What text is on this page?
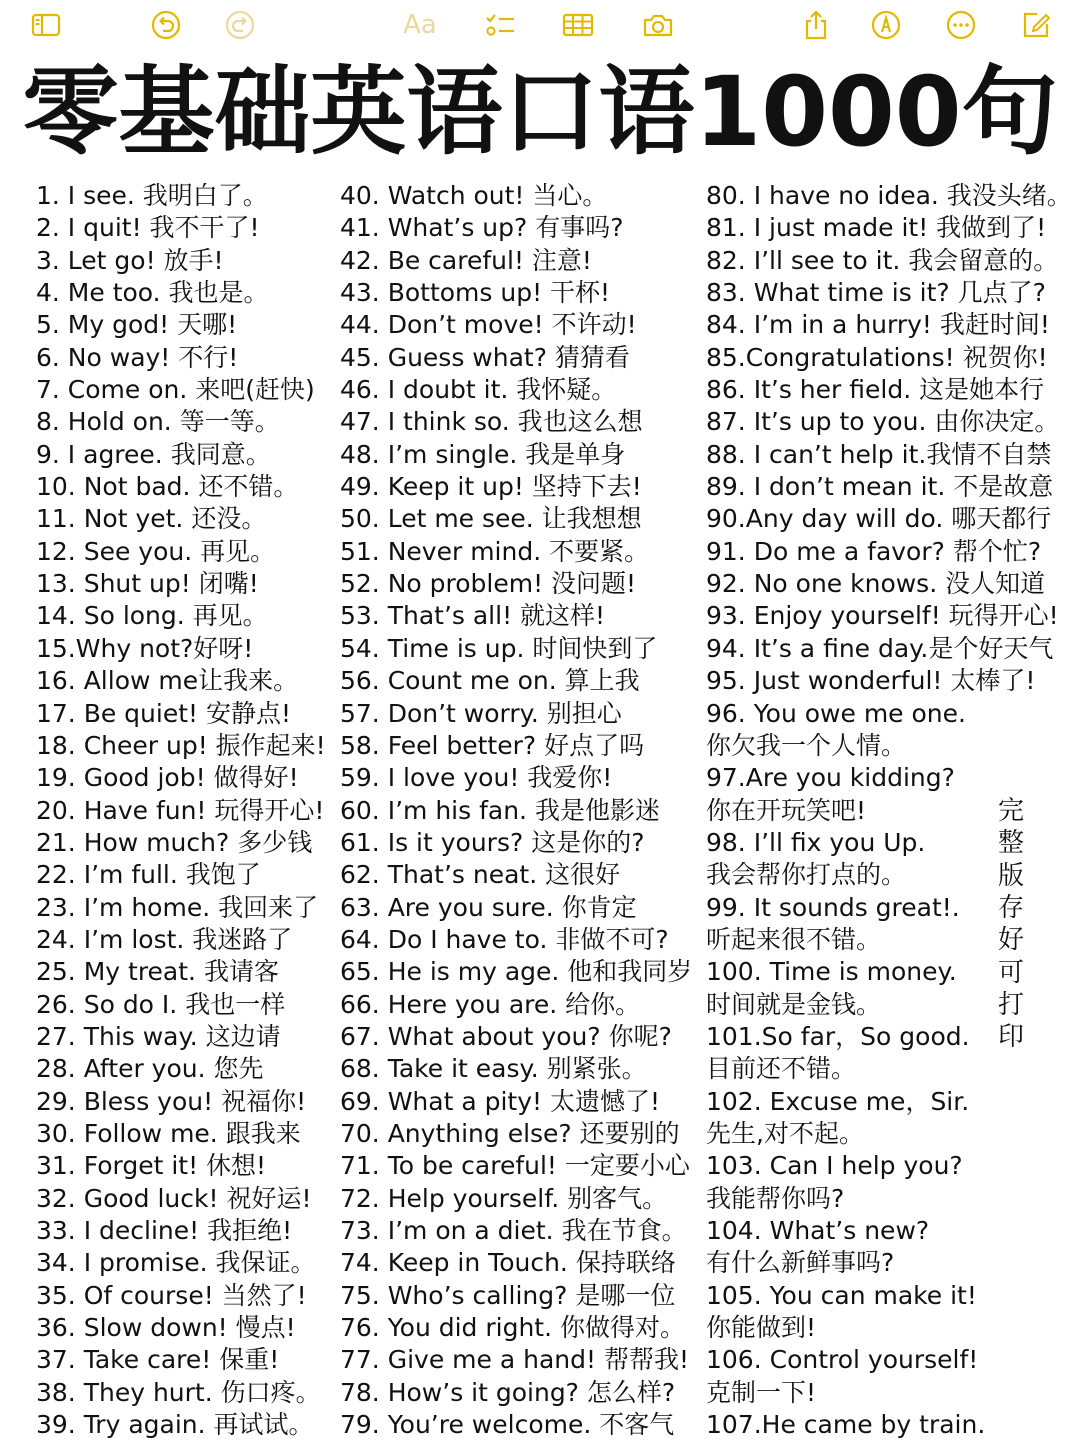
Aa
零基础英语口语1000句
1. I see. 我明白了。
2. I quit! 我不干了!
3. Let go! 放手!
4. Me too. 我也是。
5. My god! 天哪!
6. No way! 不行!
7. Come on. 来吧(赶快)
8. Hold on. 等一等。
9. I agree. 我同意。
10. Not bad. 还不错。
11. Not yet. 还没。
12. See you. 再见。
13. Shut up! 闭嘴!
14. So long. 再见。
15.Why not?好呀!
16. Allow me让我来。
17. Be quiet! 安静点!
18. Cheer up! 振作起来!
19. Good job! 做得好!
20. Have fun! 玩得开心!
21. How much? 多少钱
22. I’m full. 我饱了
23. I’m home. 我回来了
24. I’m lost. 我迷路了
25. My treat. 我请客
26. So do I. 我也一样
27. This way. 这边请
28. After you. 您先
29. Bless you! 祝福你!
30. Follow me. 跟我来
31. Forget it! 休想!
32. Good luck! 祝好运!
33. I decline! 我拒绝!
34. I promise. 我保证。
35. Of course! 当然了!
36. Slow down! 慢点!
37. Take care! 保重!
38. They hurt. 伤口疼。
39. Try again. 再试试。
40. Watch out! 当心。
41. What’s up? 有事吗?
42. Be careful! 注意!
43. Bottoms up! 干杯!
44. Don’t move! 不许动!
45. Guess what? 猜猜看
46. I doubt it. 我怀疑。
47. I think so. 我也这么想
48. I’m single. 我是单身
49. Keep it up! 坚持下去!
50. Let me see. 让我想想
51. Never mind. 不要紧。
52. No problem! 没问题!
53. That’s all! 就这样!
54. Time is up. 时间快到了
56. Count me on. 算上我
57. Don’t worry. 别担心
58. Feel better? 好点了吗
59. I love you! 我爱你!
60. I’m his fan. 我是他影迷
61. Is it yours? 这是你的?
62. That’s neat. 这很好
63. Are you sure. 你肯定
64. Do I have to. 非做不可?
65. He is my age. 他和我同岁
66. Here you are. 给你。
67. What about you? 你呢?
68. Take it easy. 别紧张。
69. What a pity! 太遗憾了!
70. Anything else? 还要别的
71. To be careful! 一定要小心
72. Help yourself. 别客气。
73. I’m on a diet. 我在节食。
74. Keep in Touch. 保持联络
75. Who’s calling? 是哪一位
76. You did right. 你做得对。
77. Give me a hand! 帮帮我!
78. How’s it going? 怎么样?
79. You’re welcome. 不客气
80. I have no idea. 我没头绪。
81. I just made it! 我做到了!
82. I’ll see to it. 我会留意的。
83. What time is it? 几点了?
84. I’m in a hurry! 我赶时间!
85.Congratulations! 祝贺你!
86. It’s her field. 这是她本行
87. It’s up to you. 由你决定。
88. I can’t help it.我情不自禁
89. I don’t mean it. 不是故意
90.Any day will do. 哪天都行
91. Do me a favor? 帮个忙?
92. No one knows. 没人知道
93. Enjoy yourself! 玩得开心!
94. It’s a fine day.是个好天气
95. Just wonderful! 太棒了!
96. You owe me one.
你欠我一个人情。
97.Are you kidding?
你在开玩笑吧!
98. I’ll fix you Up.
我会帮你打点的。
99. It sounds great!.
听起来很不错。
100. Time is money.
时间就是金钱。
101.So far，So good.
目前还不错。
102. Excuse me，Sir.
先生,对不起。
103. Can I help you?
我能帮你吗?
104. What’s new?
有什么新鲜事吗?
105. You can make it!
你能做到!
106. Control yourself!
克制一下!
107.He came by train.
完
整
版
存
好
可
打
印
